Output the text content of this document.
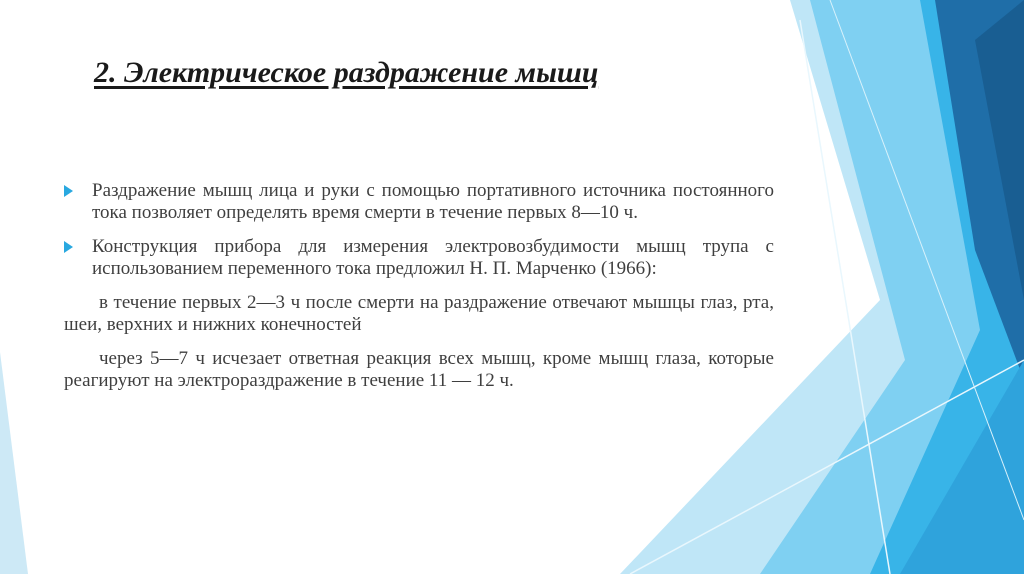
2. Электрическое раздражение мышц
Раздражение мышц лица и руки с помощью портативного источника постоянного тока позволяет определять время смерти в течение первых 8—10 ч.
Конструкция прибора для измерения электровозбудимости мышц трупа с использованием переменного тока предложил Н. П. Марченко (1966):
в течение первых 2—3 ч после смерти на раздражение отвечают мышцы глаз, рта, шеи, верхних и нижних конечностей
через 5—7 ч исчезает ответная реакция всех мышц, кроме мышц глаза, которые реагируют на электрораздражение в течение 11 — 12 ч.
